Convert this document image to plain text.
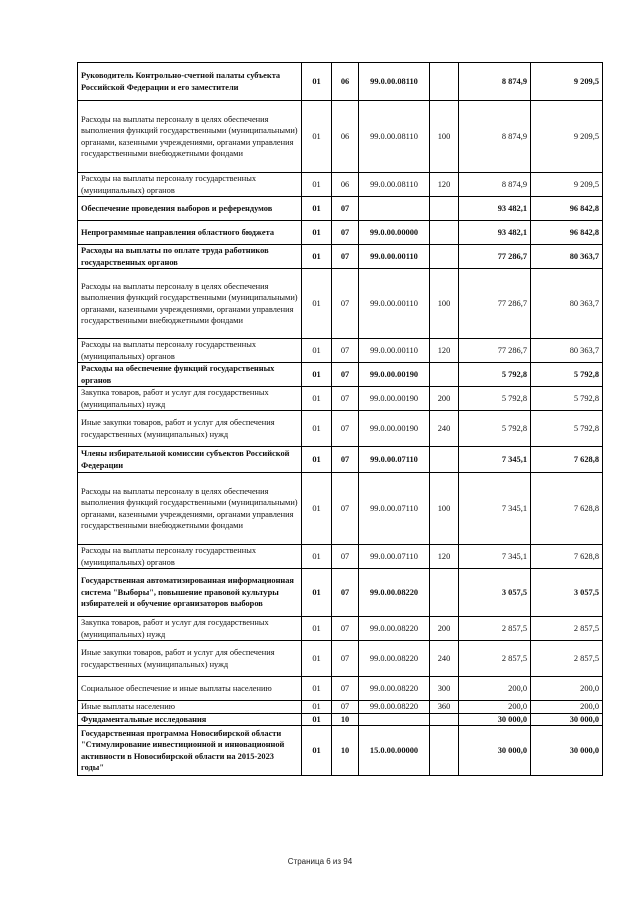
Руководитель Контрольно-счетной палаты субъекта Российской Федерации и его заместители	01	06	99.0.00.08110		8 874,9	9 209,5
Расходы на выплаты персоналу в целях обеспечения выполнения функций государственными (муниципальными) органами, казенными учреждениями, органами управления государственными внебюджетными фондами	01	06	99.0.00.08110	100	8 874,9	9 209,5
Расходы на выплаты персоналу государственных (муниципальных) органов	01	06	99.0.00.08110	120	8 874,9	9 209,5
Обеспечение проведения выборов и референдумов	01	07			93 482,1	96 842,8
Непрограммные направления областного бюджета	01	07	99.0.00.00000		93 482,1	96 842,8
Расходы на выплаты по оплате труда работников государственных органов	01	07	99.0.00.00110		77 286,7	80 363,7
Расходы на выплаты персоналу в целях обеспечения выполнения функций государственными (муниципальными) органами, казенными учреждениями, органами управления государственными внебюджетными фондами	01	07	99.0.00.00110	100	77 286,7	80 363,7
Расходы на выплаты персоналу государственных (муниципальных) органов	01	07	99.0.00.00110	120	77 286,7	80 363,7
Расходы на обеспечение функций государственных органов	01	07	99.0.00.00190		5 792,8	5 792,8
Закупка товаров, работ и услуг для государственных (муниципальных) нужд	01	07	99.0.00.00190	200	5 792,8	5 792,8
Иные закупки товаров, работ и услуг для обеспечения государственных (муниципальных) нужд	01	07	99.0.00.00190	240	5 792,8	5 792,8
Члены избирательной комиссии субъектов Российской Федерации	01	07	99.0.00.07110		7 345,1	7 628,8
Расходы на выплаты персоналу в целях обеспечения выполнения функций государственными (муниципальными) органами, казенными учреждениями, органами управления государственными внебюджетными фондами	01	07	99.0.00.07110	100	7 345,1	7 628,8
Расходы на выплаты персоналу государственных (муниципальных) органов	01	07	99.0.00.07110	120	7 345,1	7 628,8
Государственная автоматизированная информационная система "Выборы", повышение правовой культуры избирателей и обучение организаторов выборов	01	07	99.0.00.08220		3 057,5	3 057,5
Закупка товаров, работ и услуг для государственных (муниципальных) нужд	01	07	99.0.00.08220	200	2 857,5	2 857,5
Иные закупки товаров, работ и услуг для обеспечения государственных (муниципальных) нужд	01	07	99.0.00.08220	240	2 857,5	2 857,5
Социальное обеспечение и иные выплаты населению	01	07	99.0.00.08220	300	200,0	200,0
Иные выплаты населению	01	07	99.0.00.08220	360	200,0	200,0
Фундаментальные исследования	01	10			30 000,0	30 000,0
Государственная программа Новосибирской области "Стимулирование инвестиционной и инновационной активности в Новосибирской области на 2015-2023 годы"	01	10	15.0.00.00000		30 000,0	30 000,0
Страница 6 из 94
